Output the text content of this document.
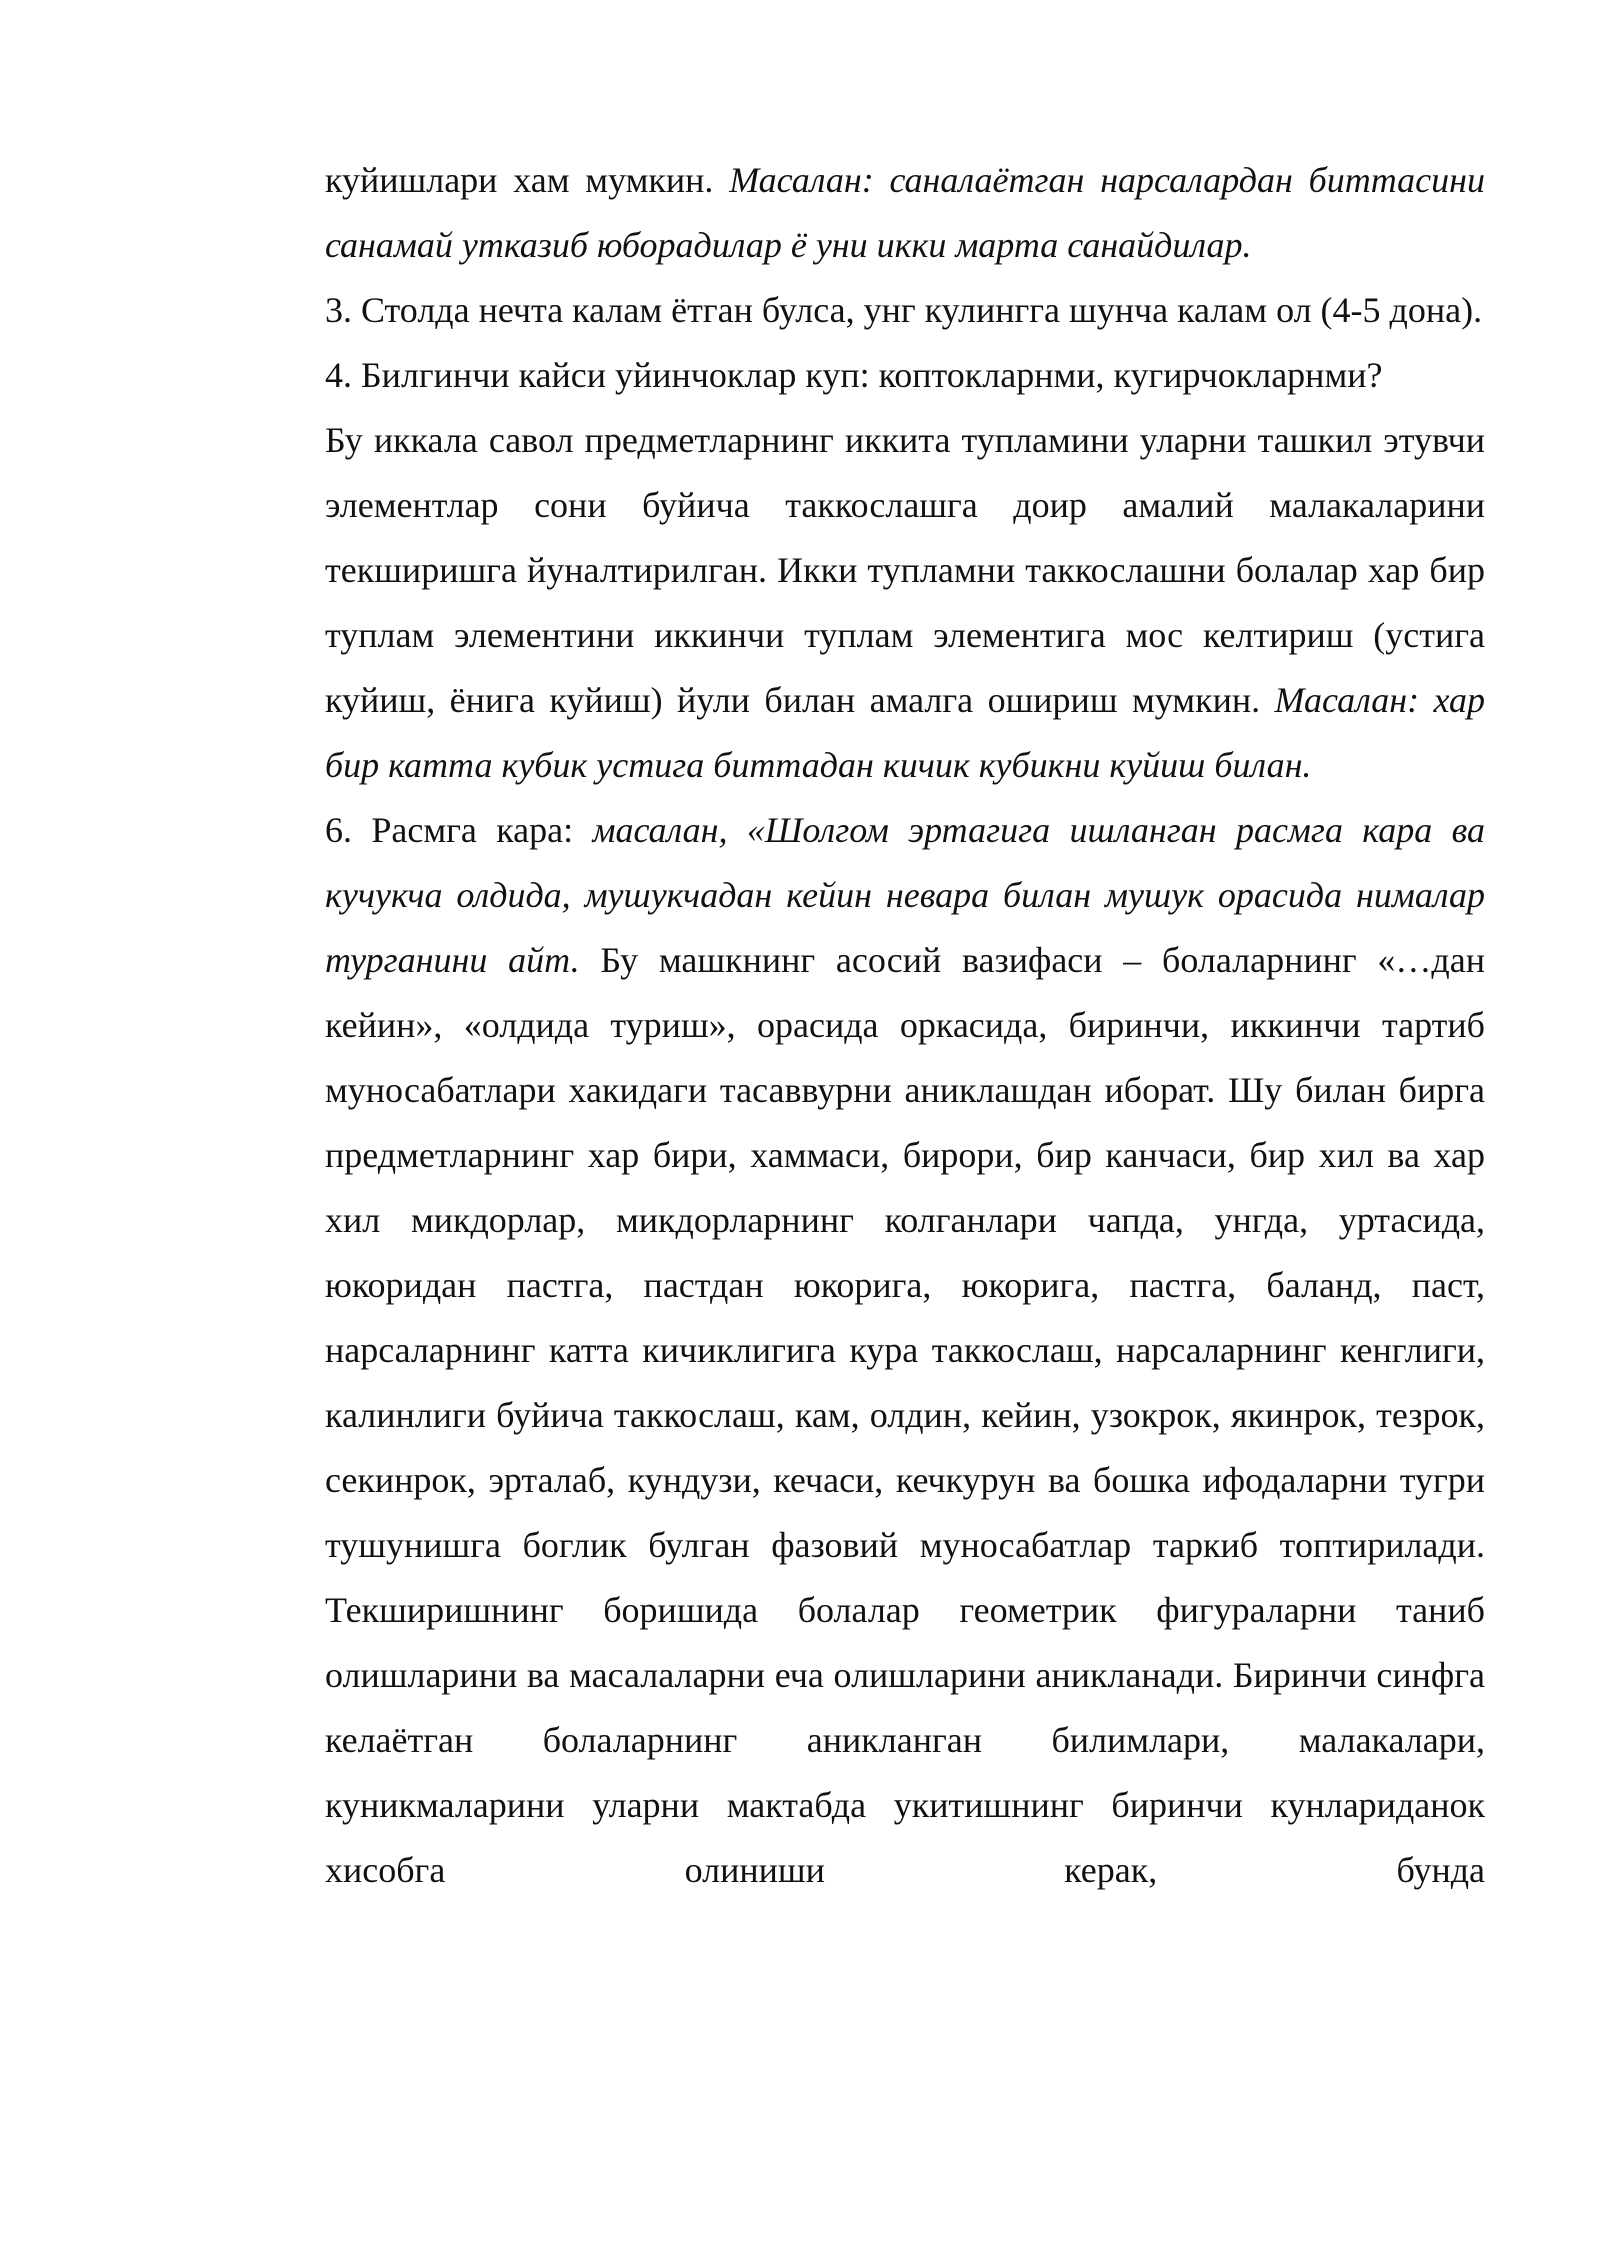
куйишлари хам мумкин. Масалан: саналаётган нарсалардан биттасини санамай утказиб юборадилар ё уни икки марта санайдилар.

3. Столда нечта калам ётган булса, унг кулингга шунча калам ол (4-5 дона).

4. Билгинчи кайси уйинчоклар куп: коптокларнми, кугирчокларнми?

Бу иккала савол предметларнинг иккита тупламини уларни ташкил этувчи элементлар сони буйича таккослашга доир амалий малакаларини текширишга йуналтирилган. Икки тупламни таккослашни болалар хар бир туплам элементини иккинчи туплам элементига мос келтириш (устига куйиш, ёнига куйиш) йули билан амалга ошириш мумкин. Масалан: хар бир катта кубик устига биттадан кичик кубикни куйиш билан.

6. Расмга кара: масалан, «Шолгом эртагига ишланган расмга кара ва кучукча олдида, мушукчадан кейин невара билан мушук орасида нималар турганини айт. Бу машкнинг асосий вазифаси – болаларнинг «…дан кейин», «олдида туриш», орасида оркасида, биринчи, иккинчи тартиб муносабатлари хакидаги тасаввурни аниклашдан иборат. Шу билан бирга предметларнинг хар бири, хаммаси, бирори, бир канчаси, бир хил ва хар хил микдорлар, микдорларнинг колганлари чапда, унгда, уртасида, юкоридан пастга, пастдан юкорига, юкорига, пастга, баланд, паст, нарсаларнинг катта кичиклигига кура таккослаш, нарсаларнинг кенглиги, калинлиги буйича таккослаш, кам, олдин, кейин, узокрок, якинрок, тезрок, секинрок, эрталаб, кундузи, кечаси, кечкурун ва бошка ифодаларни тугри тушунишга боглик булган фазовий муносабатлар таркиб топтирилади. Текширишнинг боришида болалар геометрик фигураларни таниб олишларини ва масалаларни еча олишларини аникланади. Биринчи синфга келаётган болаларнинг аникланган билимлари, малакалари, куникмаларини уларни мактабда укитишнинг биринчи кунлариданок хисобга олиниши керак, бунда
